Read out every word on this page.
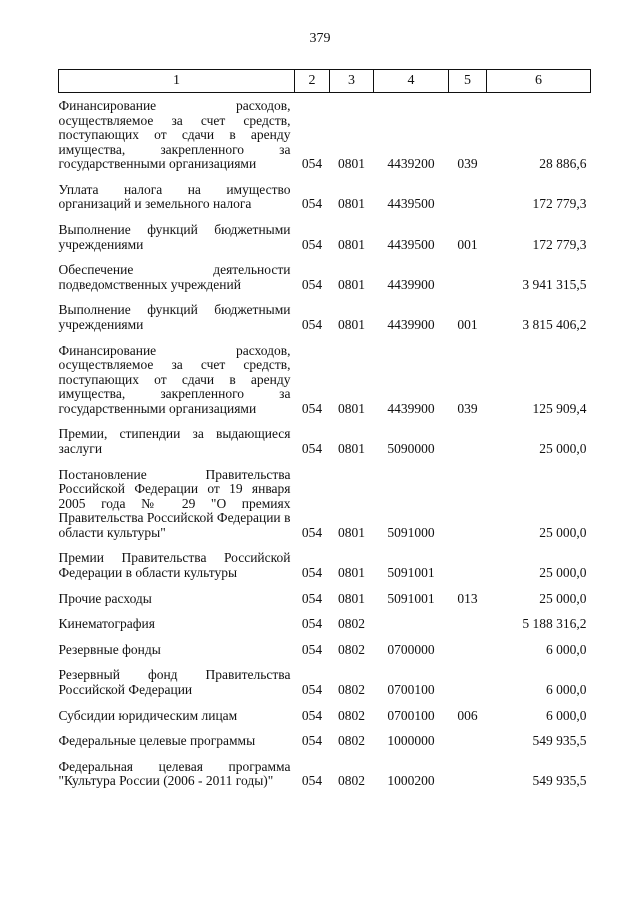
379
1	2	3	4	5	6
Финансирование расходов, осуществляемое за счет средств, поступающих от сдачи в аренду имущества, закрепленного за государственными организациями	054	0801	4439200	039	28 886,6
Уплата налога на имущество организаций и земельного налога	054	0801	4439500		172 779,3
Выполнение функций бюджетными учреждениями	054	0801	4439500	001	172 779,3
Обеспечение деятельности подведомственных учреждений	054	0801	4439900		3 941 315,5
Выполнение функций бюджетными учреждениями	054	0801	4439900	001	3 815 406,2
Финансирование расходов, осуществляемое за счет средств, поступающих от сдачи в аренду имущества, закрепленного за государственными организациями	054	0801	4439900	039	125 909,4
Премии, стипендии за выдающиеся заслуги	054	0801	5090000		25 000,0
Постановление Правительства Российской Федерации от 19 января 2005 года № 29 "О премиях Правительства Российской Федерации в области культуры"	054	0801	5091000		25 000,0
Премии Правительства Российской Федерации в области культуры	054	0801	5091001		25 000,0
Прочие расходы	054	0801	5091001	013	25 000,0
Кинематография	054	0802			5 188 316,2
Резервные фонды	054	0802	0700000		6 000,0
Резервный фонд Правительства Российской Федерации	054	0802	0700100		6 000,0
Субсидии юридическим лицам	054	0802	0700100	006	6 000,0
Федеральные целевые программы	054	0802	1000000		549 935,5
Федеральная целевая программа "Культура России (2006 - 2011 годы)"	054	0802	1000200		549 935,5
